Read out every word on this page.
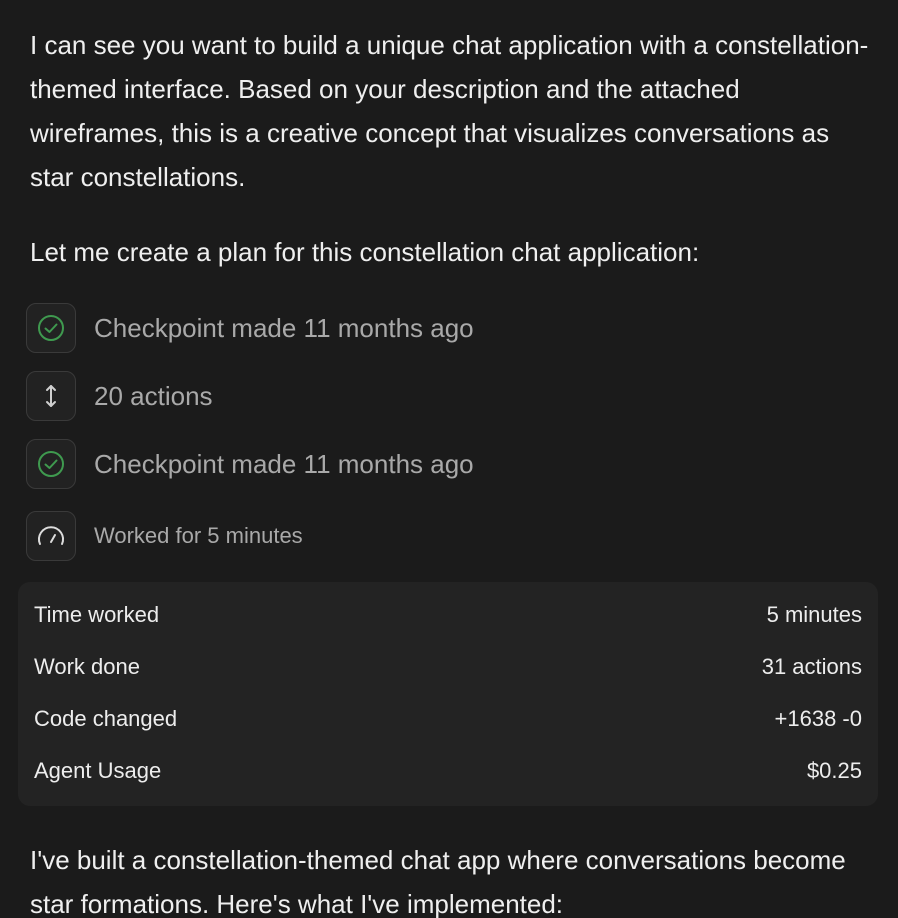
I can see you want to build a unique chat application with a constellation-themed interface. Based on your description and the attached wireframes, this is a creative concept that visualizes conversations as star constellations.

Let me create a plan for this constellation chat application:

Checkpoint made 11 months ago
20 actions
Checkpoint made 11 months ago
Worked for 5 minutes
Time worked	5 minutes
Work done	31 actions
Code changed	+1638 -0
Agent Usage	$0.25

I've built a constellation-themed chat app where conversations become star formations. Here's what I've implemented:
